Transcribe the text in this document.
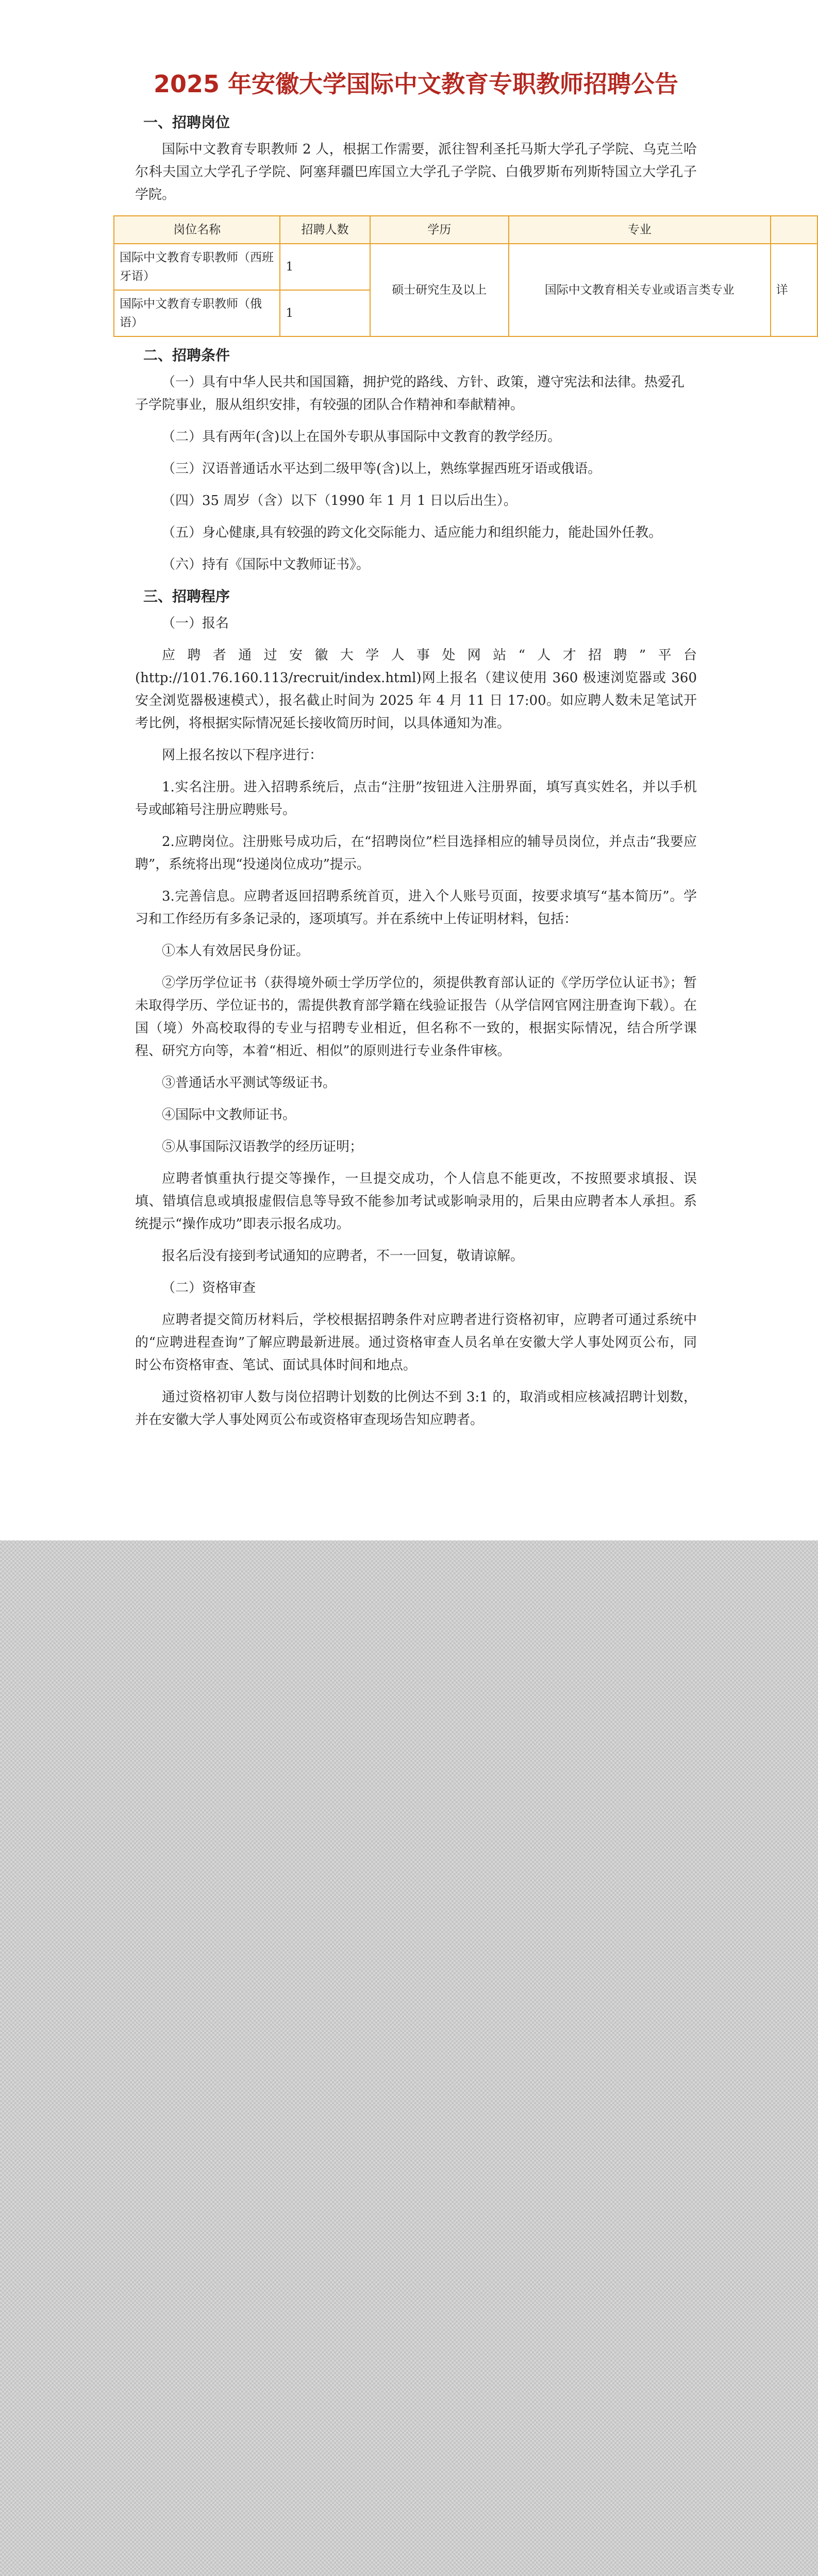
2025 年安徽大学国际中文教育专职教师招聘公告
一、招聘岗位

国际中文教育专职教师 2 人，根据工作需要，派往智利圣托马斯大学孔子学院、乌克兰哈尔科夫国立大学孔子学院、阿塞拜疆巴库国立大学孔子学院、白俄罗斯布列斯特国立大学孔子学院。

岗位名称	招聘人数	学历	专业	
国际中文教育专职教师（西班牙语）	1	硕士研究生及以上	国际中文教育相关专业或语言类专业	详
国际中文教育专职教师（俄语）	1			
二、招聘条件

（一）具有中华人民共和国国籍，拥护党的路线、方针、政策，遵守宪法和法律。热爱孔子学院事业，服从组织安排，有较强的团队合作精神和奉献精神。

（二）具有两年(含)以上在国外专职从事国际中文教育的教学经历。

（三）汉语普通话水平达到二级甲等(含)以上，熟练掌握西班牙语或俄语。

（四）35 周岁（含）以下（1990 年 1 月 1 日以后出生）。

（五）身心健康,具有较强的跨文化交际能力、适应能力和组织能力，能赴国外任教。

（六）持有《国际中文教师证书》。

三、招聘程序

（一）报名

应聘者通过安徽大学人事处网站“人才招聘”平台(http://101.76.160.113/recruit/index.html)网上报名（建议使用 360 极速浏览器或 360 安全浏览器极速模式），报名截止时间为 2025 年 4 月 11 日 17:00。如应聘人数未足笔试开考比例，将根据实际情况延长接收简历时间，以具体通知为准。

网上报名按以下程序进行：

1.实名注册。进入招聘系统后，点击“注册”按钮进入注册界面，填写真实姓名，并以手机号或邮箱号注册应聘账号。

2.应聘岗位。注册账号成功后，在“招聘岗位”栏目选择相应的辅导员岗位，并点击“我要应聘”，系统将出现“投递岗位成功”提示。

3.完善信息。应聘者返回招聘系统首页，进入个人账号页面，按要求填写“基本简历”。学习和工作经历有多条记录的，逐项填写。并在系统中上传证明材料，包括：

①本人有效居民身份证。

②学历学位证书（获得境外硕士学历学位的，须提供教育部认证的《学历学位认证书》；暂未取得学历、学位证书的，需提供教育部学籍在线验证报告（从学信网官网注册查询下载）。在国（境）外高校取得的专业与招聘专业相近，但名称不一致的，根据实际情况，结合所学课程、研究方向等，本着“相近、相似”的原则进行专业条件审核。

③普通话水平测试等级证书。

④国际中文教师证书。

⑤从事国际汉语教学的经历证明；

应聘者慎重执行提交等操作，一旦提交成功，个人信息不能更改，不按照要求填报、误填、错填信息或填报虚假信息等导致不能参加考试或影响录用的，后果由应聘者本人承担。系统提示“操作成功”即表示报名成功。

报名后没有接到考试通知的应聘者，不一一回复，敬请谅解。

（二）资格审查

应聘者提交简历材料后，学校根据招聘条件对应聘者进行资格初审，应聘者可通过系统中的“应聘进程查询”了解应聘最新进展。通过资格审查人员名单在安徽大学人事处网页公布，同时公布资格审查、笔试、面试具体时间和地点。

通过资格初审人数与岗位招聘计划数的比例达不到 3:1 的，取消或相应核减招聘计划数，并在安徽大学人事处网页公布或资格审查现场告知应聘者。
